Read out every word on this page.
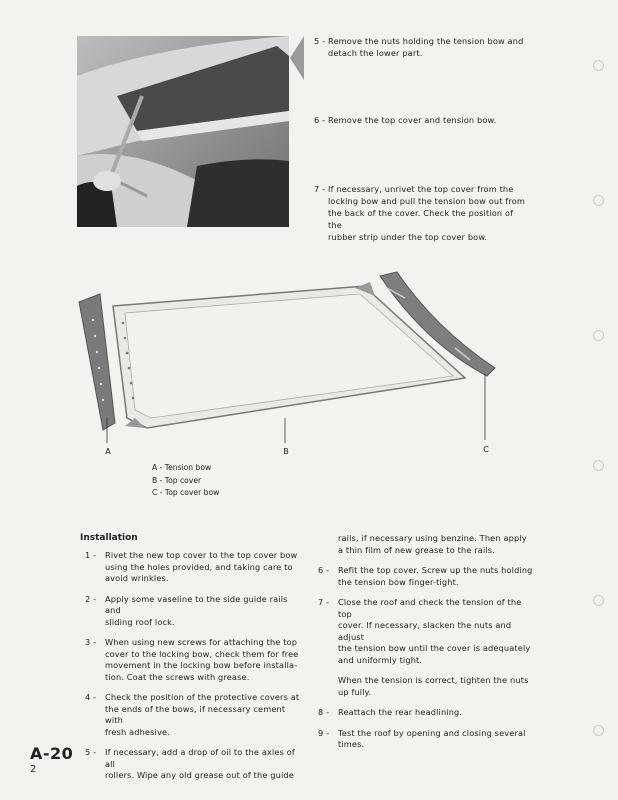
5 - Remove the nuts holding the tension bow and
detach the lower part.
6 - Remove the top cover and tension bow.
7 - If necessary, unrivet the top cover from the
locking bow and pull the tension bow out from
the back of the cover. Check the position of the
rubber strip under the top cover bow.
A	B	C
A - Tension bow
B - Top cover
C - Top cover bow
Installation
1 - Rivet the new top cover to the top cover bow

using the holes provided, and taking care to

avoid wrinkles.

2 - Apply some vaseline to the side guide rails and

sliding roof lock.

3 - When using new screws for attaching the top

cover to the locking bow, check them for free

movement in the locking bow before installa-

tion. Coat the screws with grease.

4 - Check the position of the protective covers at

the ends of the bows, if necessary cement with

fresh adhesive.

5 - If necessary, add a drop of oil to the axles of all

rollers. Wipe any old grease out of the guide

rails, if necessary using benzine. Then apply

a thin film of new grease to the rails.

6 - Refit the top cover. Screw up the nuts holding

the tension bow finger-tight.

7 - Close the roof and check the tension of the top

cover. If necessary, slacken the nuts and adjust

the tension bow until the cover is adequately

and uniformly tight.

When the tension is correct, tighten the nuts

up fully.

8 - Reattach the rear headlining.

9 - Test the roof by opening and closing several

times.

A-20
2
